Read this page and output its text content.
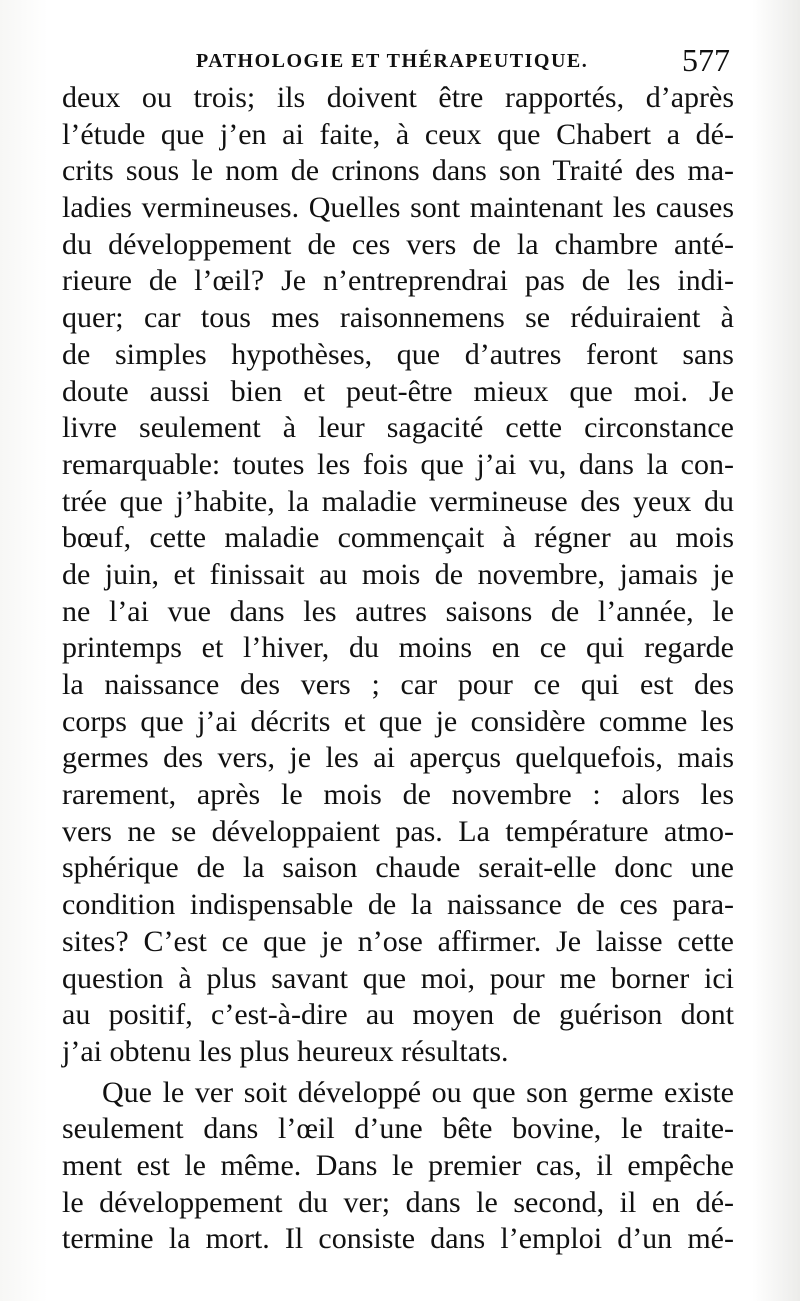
PATHOLOGIE ET THÉRAPEUTIQUE.	577
deux ou trois; ils doivent être rapportés, d’après
l’étude que j’en ai faite, à ceux que Chabert a dé-
crits sous le nom de crinons dans son Traité des ma-
ladies vermineuses. Quelles sont maintenant les causes
du développement de ces vers de la chambre anté-
rieure de l’œil? Je n’entreprendrai pas de les indi-
quer; car tous mes raisonnemens se réduiraient à
de simples hypothèses, que d’autres feront sans
doute aussi bien et peut-être mieux que moi. Je
livre seulement à leur sagacité cette circonstance
remarquable: toutes les fois que j’ai vu, dans la con-
trée que j’habite, la maladie vermineuse des yeux du
bœuf, cette maladie commençait à régner au mois
de juin, et finissait au mois de novembre, jamais je
ne l’ai vue dans les autres saisons de l’année, le
printemps et l’hiver, du moins en ce qui regarde
la naissance des vers ; car pour ce qui est des
corps que j’ai décrits et que je considère comme les
germes des vers, je les ai aperçus quelquefois, mais
rarement, après le mois de novembre : alors les
vers ne se développaient pas. La température atmo-
sphérique de la saison chaude serait-elle donc une
condition indispensable de la naissance de ces para-
sites? C’est ce que je n’ose affirmer. Je laisse cette
question à plus savant que moi, pour me borner ici
au positif, c’est-à-dire au moyen de guérison dont
j’ai obtenu les plus heureux résultats.
Que le ver soit développé ou que son germe existe
seulement dans l’œil d’une bête bovine, le traite-
ment est le même. Dans le premier cas, il empêche
le développement du ver; dans le second, il en dé-
termine la mort. Il consiste dans l’emploi d’un mé-
